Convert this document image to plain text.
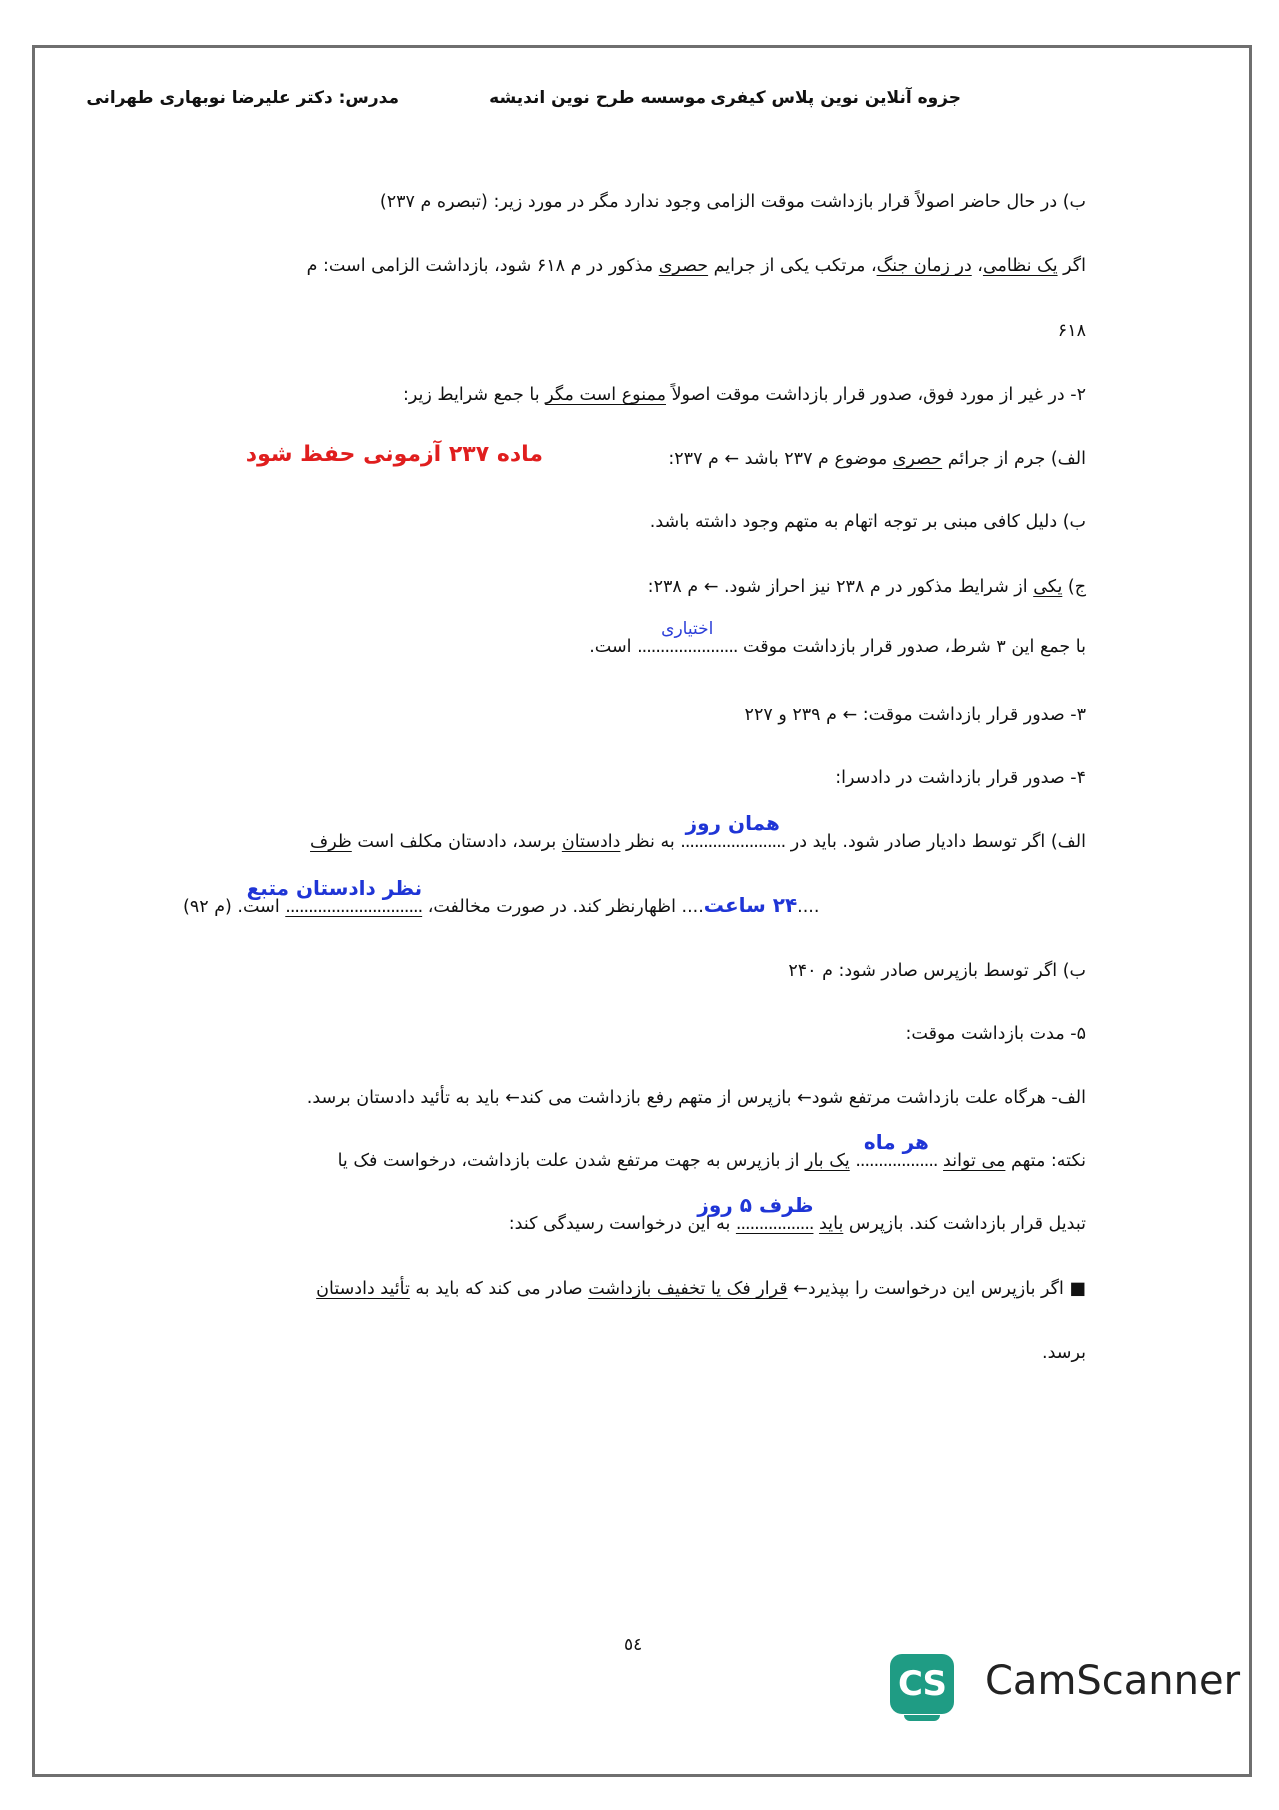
جزوه آنلاین نوین پلاس کیفری
موسسه طرح نوین اندیشه
مدرس: دکتر علیرضا نوبهاری طهرانی
ب) در حال حاضر اصولاً قرار بازداشت موقت الزامی وجود ندارد مگر در مورد زیر: (تبصره م ۲۳۷)
اگر یک نظامی، در زمان جنگ، مرتکب یکی از جرایم حصری مذکور در م ۶۱۸ شود، بازداشت الزامی است: م
۶۱۸
۲- در غیر از مورد فوق، صدور قرار بازداشت موقت اصولاً ممنوع است مگر با جمع شرایط زیر:
الف) جرم از جرائم حصری موضوع م ۲۳۷ باشد ← م ۲۳۷:
ماده ۲۳۷ آزمونی حفظ شود
ب) دلیل کافی مبنی بر توجه اتهام به متهم وجود داشته باشد.
ج) یکی از شرایط مذکور در م ۲۳۸ نیز احراز شود. ← م ۲۳۸:
با جمع این ۳ شرط، صدور قرار بازداشت موقت ......................
اختیاری
است.
۳- صدور قرار بازداشت موقت: ← م ۲۳۹ و ۲۲۷
۴- صدور قرار بازداشت در دادسرا:
الف) اگر توسط دادیار صادر شود. باید در .......................
همان روز
به نظر دادستان برسد، دادستان مکلف است ظرف
....۲۴ ساعت.... اظهارنظر کند. در صورت مخالفت، ..............................
نظر دادستان متبع
است. (م ۹۲)
ب) اگر توسط بازپرس صادر شود: م ۲۴۰
۵- مدت بازداشت موقت:
الف- هرگاه علت بازداشت مرتفع شود← بازپرس از متهم رفع بازداشت می کند← باید به تأئید دادستان برسد.
نکته: متهم می تواند ..................
هر ماه
یک بار از بازپرس به جهت مرتفع شدن علت بازداشت، درخواست فک یا
تبدیل قرار بازداشت کند. بازپرس باید .................
ظرف ۵ روز
به این درخواست رسیدگی کند:
■ اگر بازپرس این درخواست را بپذیرد← قرار فک یا تخفیف بازداشت صادر می کند که باید به تأئید دادستان
برسد.
٥٤
CS CamScanner
